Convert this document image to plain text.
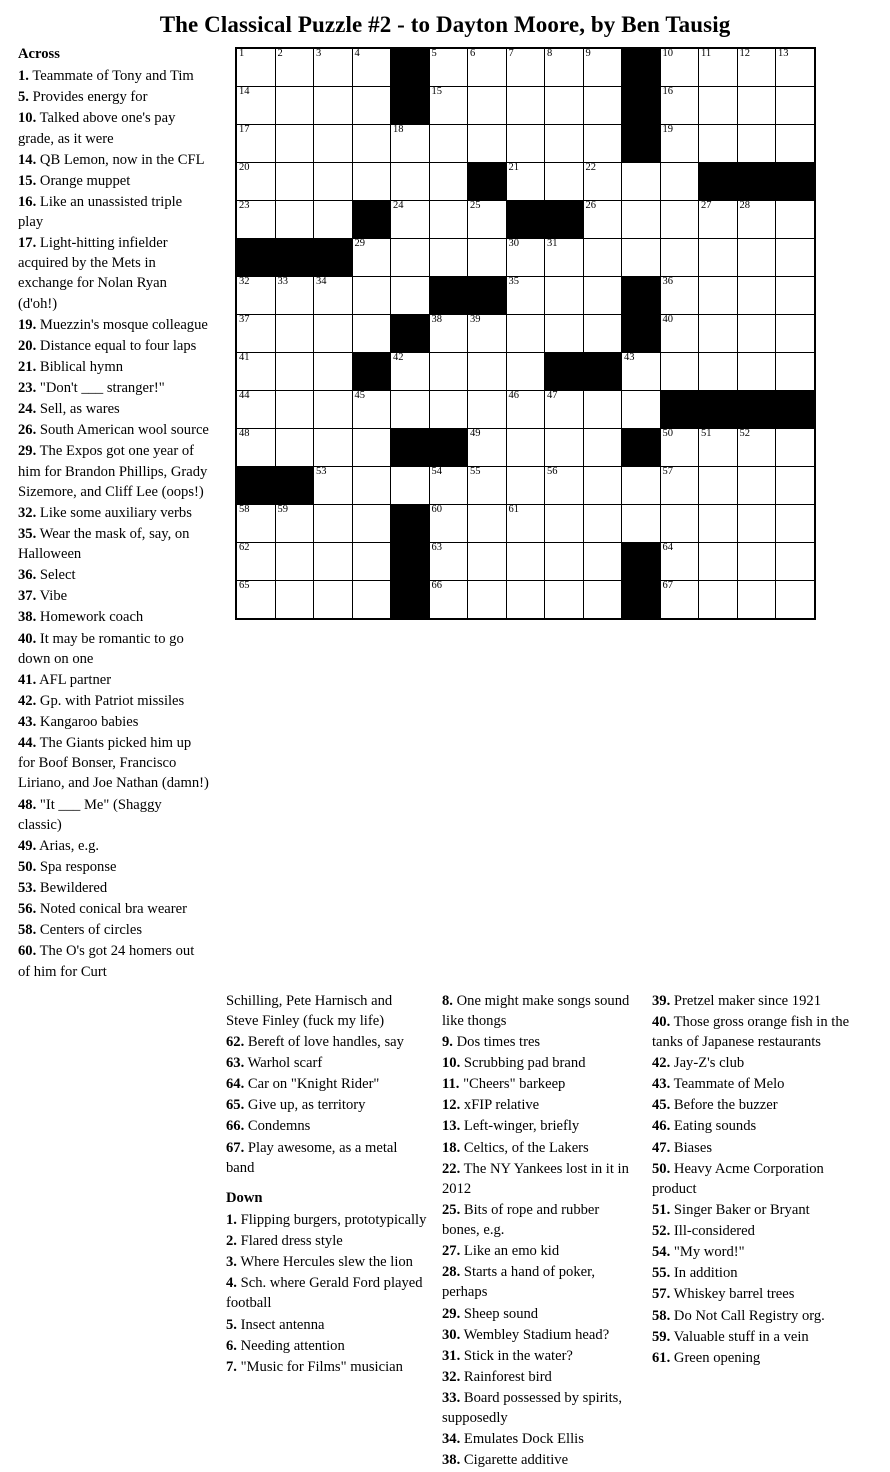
The Classical Puzzle #2 - to Dayton Moore, by Ben Tausig
Across
1. Teammate of Tony and Tim
5. Provides energy for
10. Talked above one's pay grade, as it were
14. QB Lemon, now in the CFL
15. Orange muppet
16. Like an unassisted triple play
17. Light-hitting infielder acquired by the Mets in exchange for Nolan Ryan (d'oh!)
19. Muezzin's mosque colleague
20. Distance equal to four laps
21. Biblical hymn
23. "Don't ___ stranger!"
24. Sell, as wares
26. South American wool source
29. The Expos got one year of him for Brandon Phillips, Grady Sizemore, and Cliff Lee (oops!)
32. Like some auxiliary verbs
35. Wear the mask of, say, on Halloween
36. Select
37. Vibe
38. Homework coach
40. It may be romantic to go down on one
41. AFL partner
42. Gp. with Patriot missiles
43. Kangaroo babies
44. The Giants picked him up for Boof Bonser, Francisco Liriano, and Joe Nathan (damn!)
48. "It ___ Me" (Shaggy classic)
49. Arias, e.g.
50. Spa response
53. Bewildered
56. Noted conical bra wearer
58. Centers of circles
60. The O's got 24 homers out of him for Curt
1	2	3	4		5	6	7	8	9		10	11	12	13

14					15						16			

17				18							19			

20							21		22					

23				24		25			26			27	28	

			29				30	31						

32	33	34					35				36			

37					38	39					40			

41				42						43				

44			45				46	47						

48						49					50	51	52	

		53			54	55		56			57			

58	59				60		61							

62					63						64			

65					66						67			

Schilling, Pete Harnisch and Steve Finley (fuck my life)
62. Bereft of love handles, say
63. Warhol scarf
64. Car on "Knight Rider"
65. Give up, as territory
66. Condemns
67. Play awesome, as a metal band
Down
1. Flipping burgers, prototypically
2. Flared dress style
3. Where Hercules slew the lion
4. Sch. where Gerald Ford played football
5. Insect antenna
6. Needing attention
7. "Music for Films" musician
8. One might make songs sound like thongs
9. Dos times tres
10. Scrubbing pad brand
11. "Cheers" barkeep
12. xFIP relative
13. Left-winger, briefly
18. Celtics, of the Lakers
22. The NY Yankees lost in it in 2012
25. Bits of rope and rubber bones, e.g.
27. Like an emo kid
28. Starts a hand of poker, perhaps
29. Sheep sound
30. Wembley Stadium head?
31. Stick in the water?
32. Rainforest bird
33. Board possessed by spirits, supposedly
34. Emulates Dock Ellis
38. Cigarette additive
39. Pretzel maker since 1921
40. Those gross orange fish in the tanks of Japanese restaurants
42. Jay-Z's club
43. Teammate of Melo
45. Before the buzzer
46. Eating sounds
47. Biases
50. Heavy Acme Corporation product
51. Singer Baker or Bryant
52. Ill-considered
54. "My word!"
55. In addition
57. Whiskey barrel trees
58. Do Not Call Registry org.
59. Valuable stuff in a vein
61. Green opening
